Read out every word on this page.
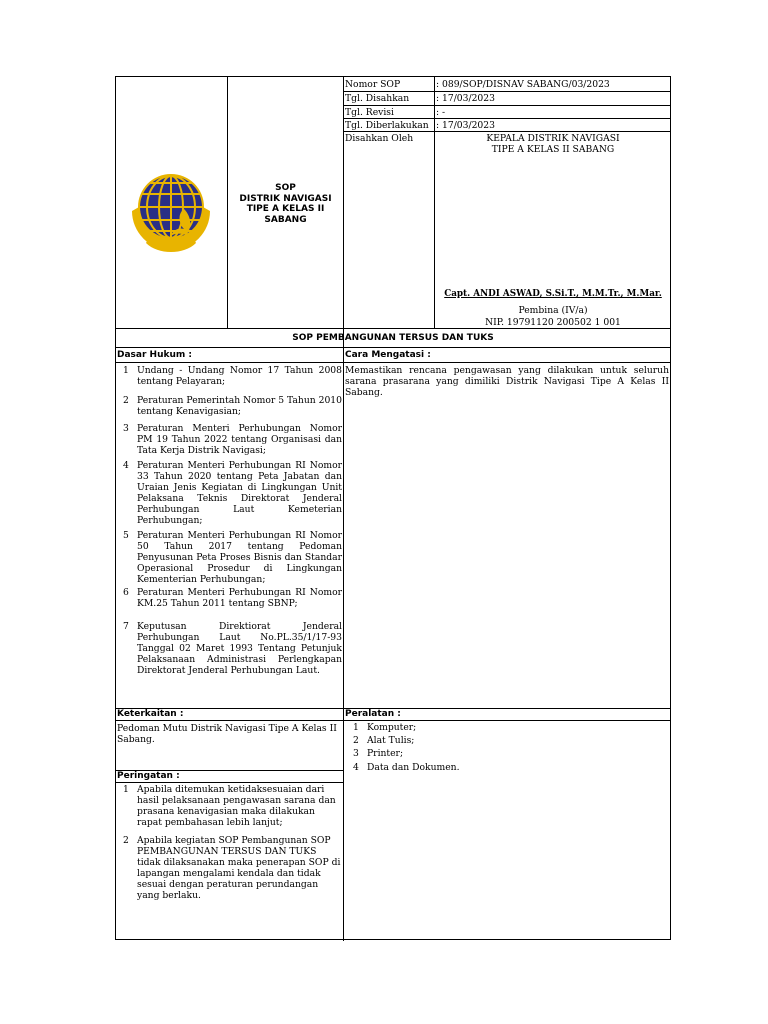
SOP
DISTRIK NAVIGASI
TIPE A KELAS II
SABANG
Nomor SOP	: 089/SOP/DISNAV SABANG/03/2023
Tgl. Disahkan	: 17/03/2023
Tgl. Revisi	: -
Tgl. Diberlakukan : 17/03/2023
Disahkan Oleh	KEPALA DISTRIK NAVIGASI
TIPE A KELAS II SABANG
Capt. ANDI ASWAD, S.Si.T., M.M.Tr., M.Mar.
Pembina (IV/a)
NIP. 19791120 200502 1 001
SOP PEMBANGUNAN TERSUS DAN TUKS
Dasar Hukum :
1 Undang - Undang Nomor 17 Tahun 2008 tentang Pelayaran;
2 Peraturan Pemerintah Nomor 5 Tahun 2010 tentang Kenavigasian;
3 Peraturan Menteri Perhubungan Nomor PM 19 Tahun 2022 tentang Organisasi dan Tata Kerja Distrik Navigasi;
4 Peraturan Menteri Perhubungan RI Nomor 33 Tahun 2020 tentang Peta Jabatan dan Uraian Jenis Kegiatan di Lingkungan Unit Pelaksana Teknis Direktorat Jenderal Perhubungan Laut Kemeterian Perhubungan;
5 Peraturan Menteri Perhubungan RI Nomor 50 Tahun 2017 tentang Pedoman Penyusunan Peta Proses Bisnis dan Standar Operasional Prosedur di Lingkungan Kementerian Perhubungan;
6 Peraturan Menteri Perhubungan RI Nomor KM.25 Tahun 2011 tentang SBNP;
7 Keputusan Direktiorat Jenderal Perhubungan Laut No.PL.35/1/17-93 Tanggal 02 Maret 1993 Tentang Petunjuk Pelaksanaan Administrasi Perlengkapan Direktorat Jenderal Perhubungan Laut.
Cara Mengatasi :
Memastikan rencana pengawasan yang dilakukan untuk seluruh sarana prasarana yang dimiliki Distrik Navigasi Tipe A Kelas II Sabang.
Keterkaitan :
Pedoman Mutu Distrik Navigasi Tipe A Kelas II Sabang.
Peralatan :
1 Komputer;
2 Alat Tulis;
3 Printer;
4 Data dan Dokumen.
Peringatan :
1 Apabila ditemukan ketidaksesuaian dari hasil pelaksanaan pengawasan sarana dan prasana kenavigasian maka dilakukan rapat pembahasan lebih lanjut;
2 Apabila kegiatan SOP Pembangunan SOP PEMBANGUNAN TERSUS DAN TUKS tidak dilaksanakan maka penerapan SOP di lapangan mengalami kendala dan tidak sesuai dengan peraturan perundangan yang berlaku.
